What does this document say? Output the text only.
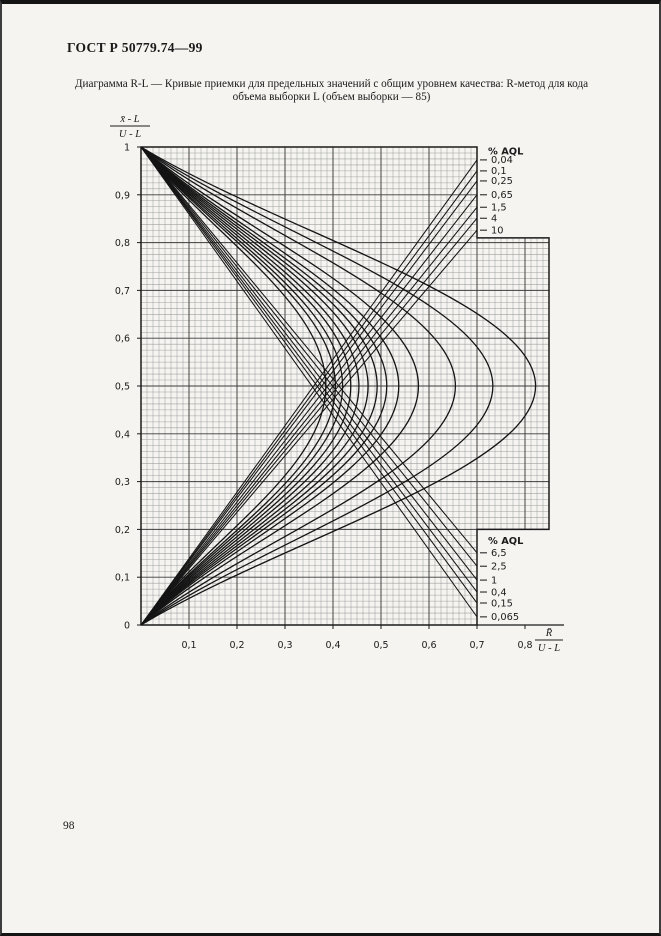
ГОСТ Р 50779.74—99
Диаграмма R-L — Кривые приемки для предельных значений с общим уровнем качества: R-метод для кода
объема выборки L (объем выборки — 85)
0,04
0,065
0,1
0,15
0,25
0,4
0,65
1
1,5
2,5
4
6,5
10
% AQL
% AQL
0,1	0,2	0,3	0,4	0,5	0,6	0,7	0,8
0
0,1
0,2
0,3
0,4
0,5
0,6
0,7
0,8
0,9
1
x̄ - L
U - L
R̄
U - L
98
